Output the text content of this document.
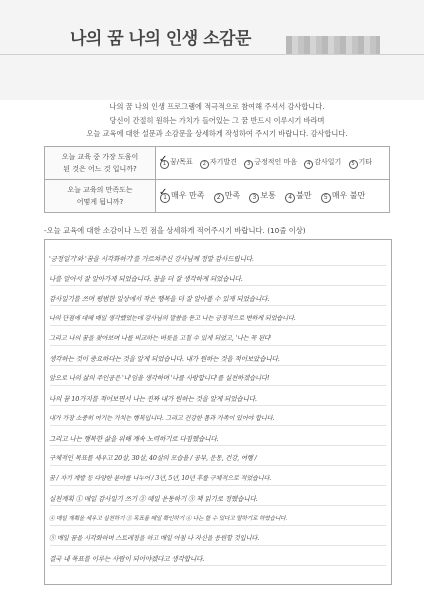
나의 꿈 나의 인생 소감문
나의 꿈 나의 인생 프로그램에 적극적으로 참여해 주셔서 감사합니다.
당신이 간절히 원하는 가치가 들어있는 그 꿈 반드시 이루시기 바라며
오늘 교육에 대한 설문과 소감문을 상세하게 작성하여 주시기 바랍니다. 감사합니다.
오늘 교육 중 가장 도움이
된 것은 어느 것 입니까?	1 ✓ 꿈/목표 2 자기발견 3 긍정적인 마음 4 감사일기 5 기타

오늘 교육의 만족도는
어떻게 됩니까?	1 ✓ 매우 만족 2 만족 3 보통 4 불만 5 매우 불만
-오늘 교육에 대한 소감이나 느낀 점을 상세하게 적어주시기 바랍니다. (10줄 이상)
'긍정일기'와 '꿈을 시각화하기'를 가르쳐주신 강사님께 정말 감사드립니다.
나를 알아서 잘 알아가게 되었습니다. 꿈을 더 잘 생각하게 되었습니다.
감사일기를 쓰며 평범한 일상에서 작은 행복을 더 잘 알아볼 수 있게 되었습니다.
나의 단점에 대해 매일 생각했었는데 강사님의 말씀을 듣고 나는 긍정적으로 변하게 되었습니다.
그리고 나의 꿈을 찾아보며 나를 비교하는 버릇을 고칠 수 있게 되었고, '나는 꼭 된다'
생각하는 것이 중요하다는 것을 알게 되었습니다. 내가 원하는 것을 적어보았습니다.
앞으로 나의 삶의 주인공은 '나'임을 생각하며 '나를 사랑합니다'를 실천하겠습니다!
나의 꿈 10가지를 적어보면서 나는 진짜 내가 원하는 것을 알게 되었습니다.
내가 가장 소중히 여기는 가치는 행복입니다. 그리고 건강한 몸과 가족이 있어야 합니다.
그리고 나는 행복한 삶을 위해 계속 노력하기로 다짐했습니다.
구체적인 목표를 세우고 20살, 30살, 40살의 모습을 / 공부, 운동, 건강, 여행 /
꿈 / 자기 계발 등 다양한 분야를 나누어 / 3년, 5년, 10년 후를 구체적으로 적었습니다.
실천계획 ① 매일 감사일기 쓰기 ② 매일 운동하기 ③ 책 읽기로 정했습니다.
④ 매일 계획을 세우고 실천하기 ⑤ 목표를 매일 확인하기 ⑥ 나는 할 수 있다고 말하기로 하였습니다.
⑤ 매일 꿈을 시각화하며 스트레칭을 하고 매일 아침 나 자신을 응원할 것입니다.
결국 내 목표를 이루는 사람이 되어야겠다고 생각합니다.
